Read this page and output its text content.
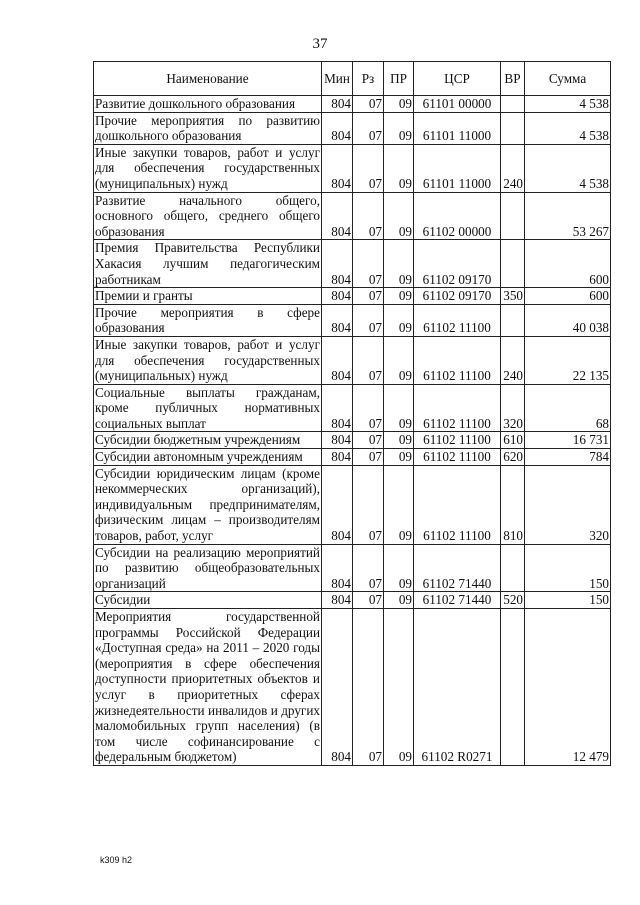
37
Наименование	Мин	Рз	ПР	ЦСР	ВР	Сумма
Развитие дошкольного образования	804	07	09	61101 00000		4 538
Прочие мероприятия по развитию дошкольного образования	804	07	09	61101 11000		4 538
Иные закупки товаров, работ и услуг для обеспечения государственных (муниципальных) нужд	804	07	09	61101 11000	240	4 538
Развитие начального общего, основного общего, среднего общего образования	804	07	09	61102 00000		53 267
Премия Правительства Республики Хакасия лучшим педагогическим работникам	804	07	09	61102 09170		600
Премии и гранты	804	07	09	61102 09170	350	600
Прочие мероприятия в сфере образования	804	07	09	61102 11100		40 038
Иные закупки товаров, работ и услуг для обеспечения государственных (муниципальных) нужд	804	07	09	61102 11100	240	22 135
Социальные выплаты гражданам, кроме публичных нормативных социальных выплат	804	07	09	61102 11100	320	68
Субсидии бюджетным учреждениям	804	07	09	61102 11100	610	16 731
Субсидии автономным учреждениям	804	07	09	61102 11100	620	784
Субсидии юридическим лицам (кроме некоммерческих организаций), индивидуальным предпринимателям, физическим лицам – производителям товаров, работ, услуг	804	07	09	61102 11100	810	320
Субсидии на реализацию мероприятий по развитию общеобразовательных организаций	804	07	09	61102 71440		150
Субсидии	804	07	09	61102 71440	520	150
Мероприятия государственной программы Российской Федерации «Доступная среда» на 2011 – 2020 годы (мероприятия в сфере обеспечения доступности приоритетных объектов и услуг в приоритетных сферах жизнедеятельности инвалидов и других маломобильных групп населения) (в том числе софинансирование с федеральным бюджетом)	804	07	09	61102 R0271		12 479
k309 h2
